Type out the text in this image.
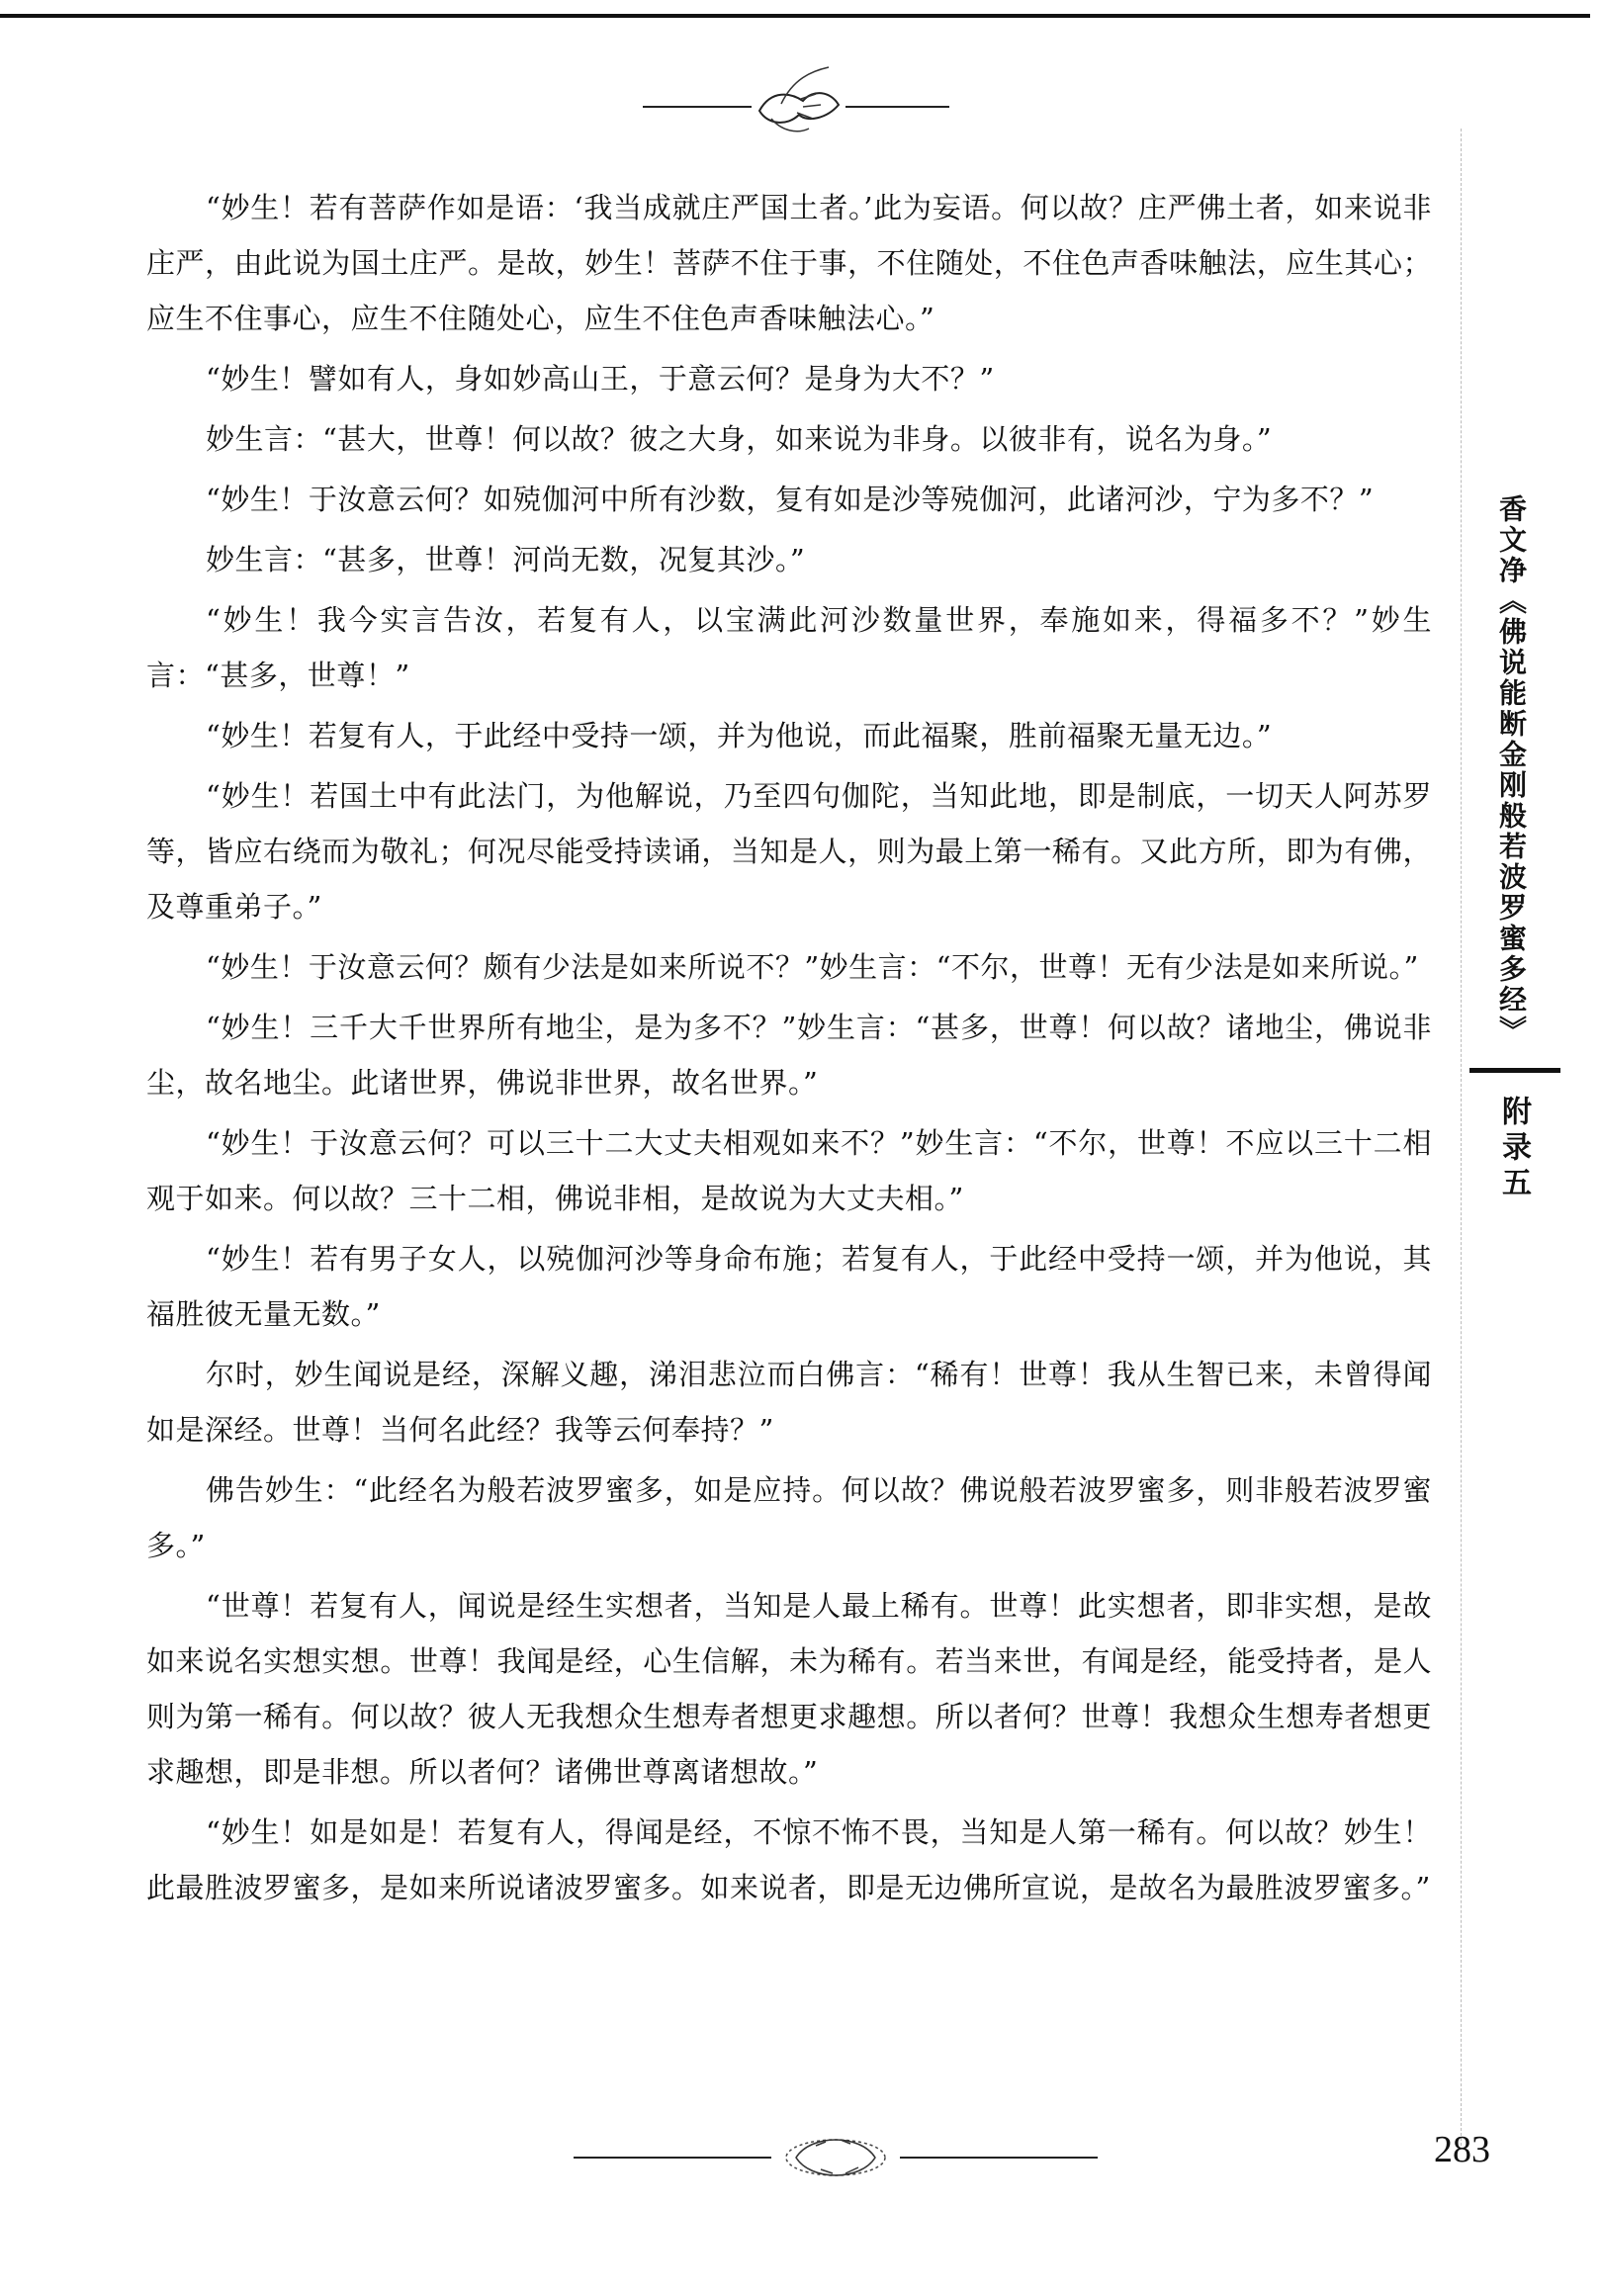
“妙生！若有菩萨作如是语：‘我当成就庄严国土者。’此为妄语。何以故？庄严佛土者，如来说非庄严，由此说为国土庄严。是故，妙生！菩萨不住于事，不住随处，不住色声香味触法，应生其心；应生不住事心，应生不住随处心，应生不住色声香味触法心。”

“妙生！譬如有人，身如妙高山王，于意云何？是身为大不？”

妙生言：“甚大，世尊！何以故？彼之大身，如来说为非身。以彼非有，说名为身。”

“妙生！于汝意云何？如殑伽河中所有沙数，复有如是沙等殑伽河，此诸河沙，宁为多不？”

妙生言：“甚多，世尊！河尚无数，况复其沙。”

“妙生！我今实言告汝，若复有人，以宝满此河沙数量世界，奉施如来，得福多不？”妙生言：“甚多，世尊！”

“妙生！若复有人，于此经中受持一颂，并为他说，而此福聚，胜前福聚无量无边。”

“妙生！若国土中有此法门，为他解说，乃至四句伽陀，当知此地，即是制底，一切天人阿苏罗等，皆应右绕而为敬礼；何况尽能受持读诵，当知是人，则为最上第一稀有。又此方所，即为有佛，及尊重弟子。”

“妙生！于汝意云何？颇有少法是如来所说不？”妙生言：“不尔，世尊！无有少法是如来所说。”

“妙生！三千大千世界所有地尘，是为多不？”妙生言：“甚多，世尊！何以故？诸地尘，佛说非尘，故名地尘。此诸世界，佛说非世界，故名世界。”

“妙生！于汝意云何？可以三十二大丈夫相观如来不？”妙生言：“不尔，世尊！不应以三十二相观于如来。何以故？三十二相，佛说非相，是故说为大丈夫相。”

“妙生！若有男子女人，以殑伽河沙等身命布施；若复有人，于此经中受持一颂，并为他说，其福胜彼无量无数。”

尔时，妙生闻说是经，深解义趣，涕泪悲泣而白佛言：“稀有！世尊！我从生智已来，未曾得闻如是深经。世尊！当何名此经？我等云何奉持？”

佛告妙生：“此经名为般若波罗蜜多，如是应持。何以故？佛说般若波罗蜜多，则非般若波罗蜜多。”

“世尊！若复有人，闻说是经生实想者，当知是人最上稀有。世尊！此实想者，即非实想，是故如来说名实想实想。世尊！我闻是经，心生信解，未为稀有。若当来世，有闻是经，能受持者，是人则为第一稀有。何以故？彼人无我想众生想寿者想更求趣想。所以者何？世尊！我想众生想寿者想更求趣想，即是非想。所以者何？诸佛世尊离诸想故。”

“妙生！如是如是！若复有人，得闻是经，不惊不怖不畏，当知是人第一稀有。何以故？妙生！此最胜波罗蜜多，是如来所说诸波罗蜜多。如来说者，即是无边佛所宣说，是故名为最胜波罗蜜多。”

香文净《佛说能断金刚般若波罗蜜多经》
附录五
283
